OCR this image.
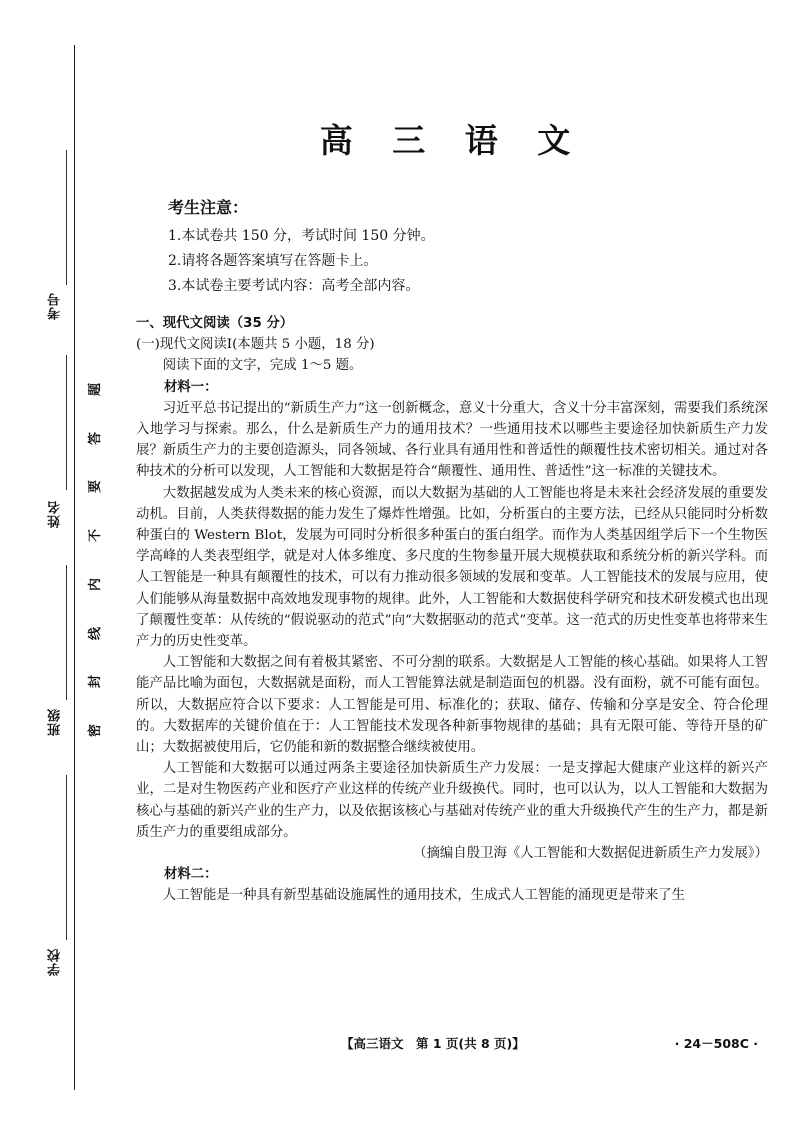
考号
姓名
班级
学校
密
封
线
内
不
要
答
题
高 三 语 文
考生注意：
1.本试卷共 150 分，考试时间 150 分钟。
2.请将各题答案填写在答题卡上。
3.本试卷主要考试内容：高考全部内容。
一、现代文阅读（35 分）
(一)现代文阅读Ⅰ(本题共 5 小题，18 分)
阅读下面的文字，完成 1～5 题。
材料一：

习近平总书记提出的“新质生产力”这一创新概念，意义十分重大，含义十分丰富深刻，需要我们系统深入地学习与探索。那么，什么是新质生产力的通用技术？一些通用技术以哪些主要途径加快新质生产力发展？新质生产力的主要创造源头，同各领域、各行业具有通用性和普适性的颠覆性技术密切相关。通过对各种技术的分析可以发现，人工智能和大数据是符合“颠覆性、通用性、普适性”这一标准的关键技术。

大数据越发成为人类未来的核心资源，而以大数据为基础的人工智能也将是未来社会经济发展的重要发动机。目前，人类获得数据的能力发生了爆炸性增强。比如，分析蛋白的主要方法，已经从只能同时分析数种蛋白的 Western Blot，发展为可同时分析很多种蛋白的蛋白组学。而作为人类基因组学后下一个生物医学高峰的人类表型组学，就是对人体多维度、多尺度的生物参量开展大规模获取和系统分析的新兴学科。而人工智能是一种具有颠覆性的技术，可以有力推动很多领域的发展和变革。人工智能技术的发展与应用，使人们能够从海量数据中高效地发现事物的规律。此外，人工智能和大数据使科学研究和技术研发模式也出现了颠覆性变革：从传统的“假说驱动的范式”向“大数据驱动的范式”变革。这一范式的历史性变革也将带来生产力的历史性变革。

人工智能和大数据之间有着极其紧密、不可分割的联系。大数据是人工智能的核心基础。如果将人工智能产品比喻为面包，大数据就是面粉，而人工智能算法就是制造面包的机器。没有面粉，就不可能有面包。所以，大数据应符合以下要求：人工智能是可用、标准化的；获取、储存、传输和分享是安全、符合伦理的。大数据库的关键价值在于：人工智能技术发现各种新事物规律的基础；具有无限可能、等待开垦的矿山；大数据被使用后，它仍能和新的数据整合继续被使用。

人工智能和大数据可以通过两条主要途径加快新质生产力发展：一是支撑起大健康产业这样的新兴产业，二是对生物医药产业和医疗产业这样的传统产业升级换代。同时，也可以认为，以人工智能和大数据为核心与基础的新兴产业的生产力，以及依据该核心与基础对传统产业的重大升级换代产生的生产力，都是新质生产力的重要组成部分。

（摘编自殷卫海《人工智能和大数据促进新质生产力发展》）
材料二：

人工智能是一种具有新型基础设施属性的通用技术，生成式人工智能的涌现更是带来了生

【高三语文　第 1 页(共 8 页)】	· 24－508C ·
